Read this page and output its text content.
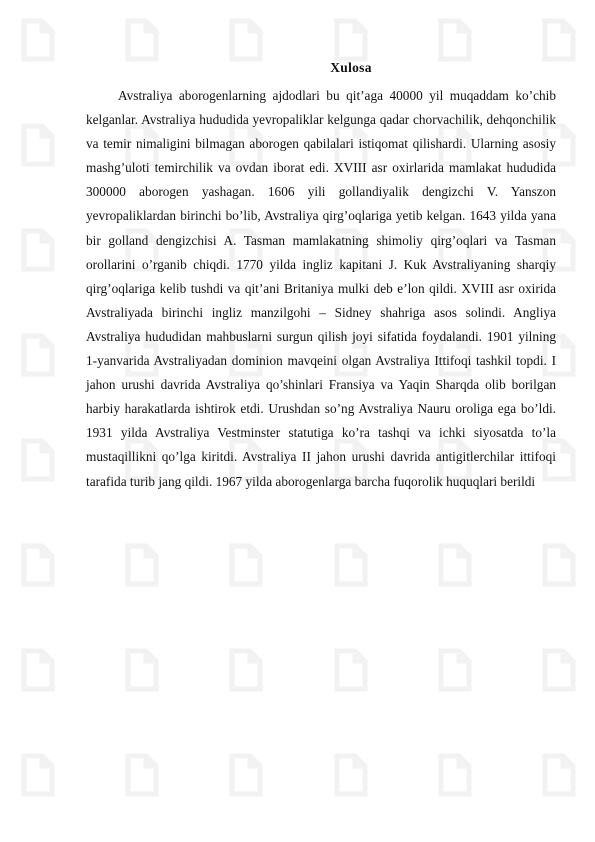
Xulosa

Avstraliya aborogenlarning ajdodlari bu qit’aga 40000 yil muqaddam ko’chib kelganlar. Avstraliya hududida yevropaliklar kelgunga qadar chorvachilik, dehqonchilik va temir nimaligini bilmagan aborogen qabilalari istiqomat qilishardi. Ularning asosiy mashg’uloti temirchilik va ovdan iborat edi. XVIII asr oxirlarida mamlakat hududida 300000 aborogen yashagan. 1606 yili gollandiyalik dengizchi V. Yanszon yevropaliklardan birinchi bo’lib, Avstraliya qirg’oqlariga yetib kelgan. 1643 yilda yana bir golland dengizchisi A. Tasman mamlakatning shimoliy qirg’oqlari va Tasman orollarini o’rganib chiqdi. 1770 yilda ingliz kapitani J. Kuk Avstraliyaning sharqiy qirg’oqlariga kelib tushdi va qit’ani Britaniya mulki deb e’lon qildi. XVIII asr oxirida Avstraliyada birinchi ingliz manzilgohi – Sidney shahriga asos solindi. Angliya Avstraliya hududidan mahbuslarni surgun qilish joyi sifatida foydalandi. 1901 yilning 1-yanvarida Avstraliyadan dominion mavqeini olgan Avstraliya Ittifoqi tashkil topdi. I jahon urushi davrida Avstraliya qo’shinlari Fransiya va Yaqin Sharqda olib borilgan harbiy harakatlarda ishtirok etdi. Urushdan so’ng Avstraliya Nauru oroliga ega bo’ldi. 1931 yilda Avstraliya Vestminster statutiga ko’ra tashqi va ichki siyosatda to’la mustaqillikni qo’lga kiritdi. Avstraliya II jahon urushi davrida antigitlerchilar ittifoqi tarafida turib jang qildi. 1967 yilda aborogenlarga barcha fuqorolik huquqlari berildi
